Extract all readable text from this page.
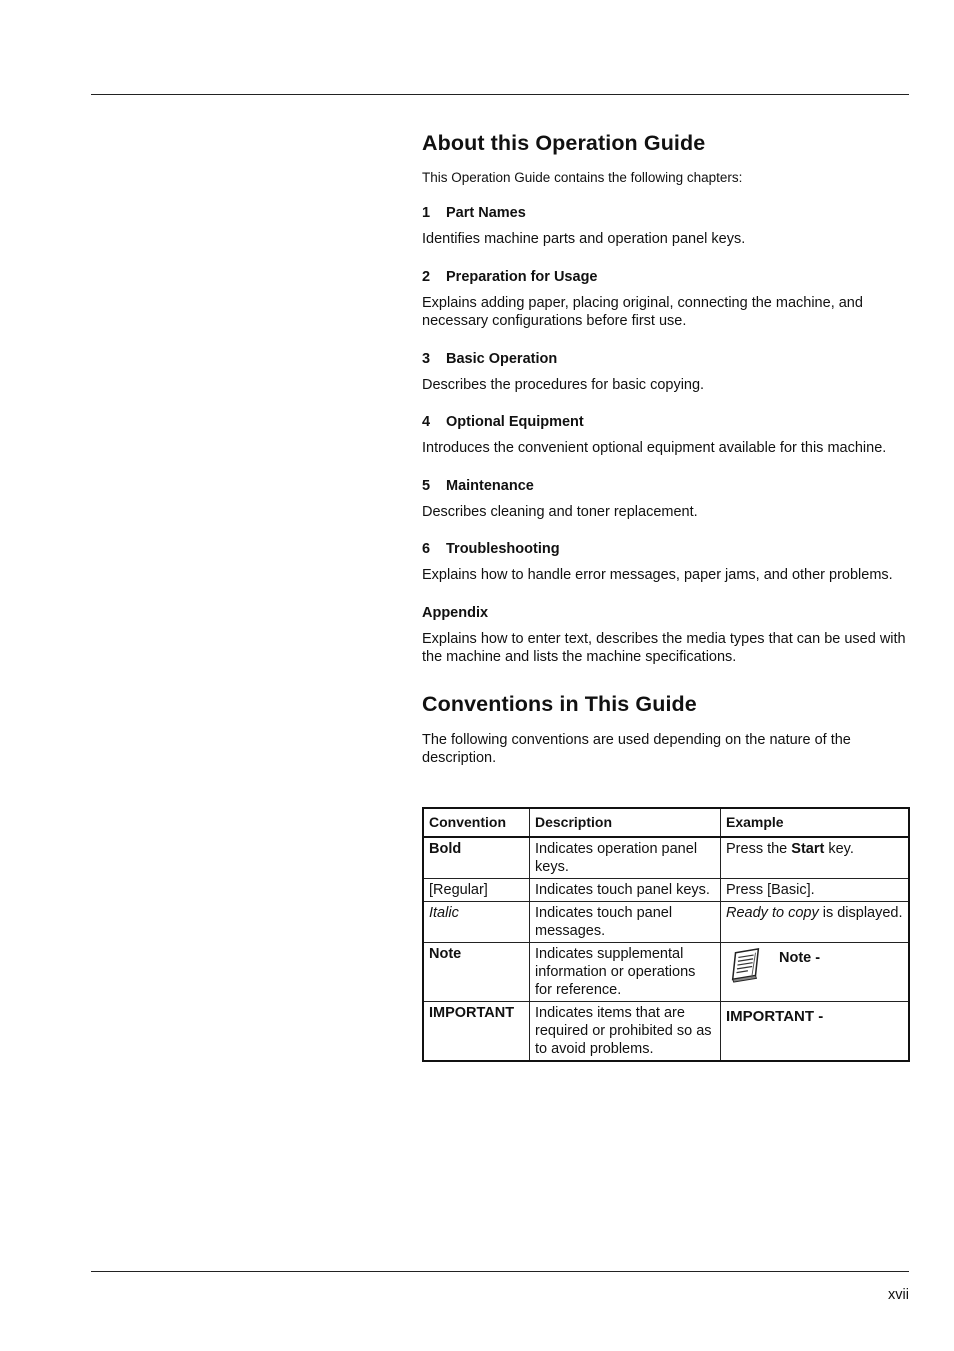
About this Operation Guide

This Operation Guide contains the following chapters:

1	Part Names
Identifies machine parts and operation panel keys.
2	Preparation for Usage
Explains adding paper, placing original, connecting the machine, and necessary configurations before first use.
3	Basic Operation
Describes the procedures for basic copying.
4	Optional Equipment
Introduces the convenient optional equipment available for this machine.
5	Maintenance
Describes cleaning and toner replacement.
6	Troubleshooting
Explains how to handle error messages, paper jams, and other problems.
Appendix
Explains how to enter text, describes the media types that can be used with the machine and lists the machine specifications.
Conventions in This Guide
The following conventions are used depending on the nature of the description.
Convention	Description	Example
Bold	Indicates operation panel keys.	Press the Start key.
[Regular]	Indicates touch panel keys.	Press [Basic].
Italic	Indicates touch panel messages.	Ready to copy is displayed.
Note	Indicates supplemental information or operations for reference.	Note -

IMPORTANT	Indicates items that are required or prohibited so as to avoid problems.	IMPORTANT -
xvii
